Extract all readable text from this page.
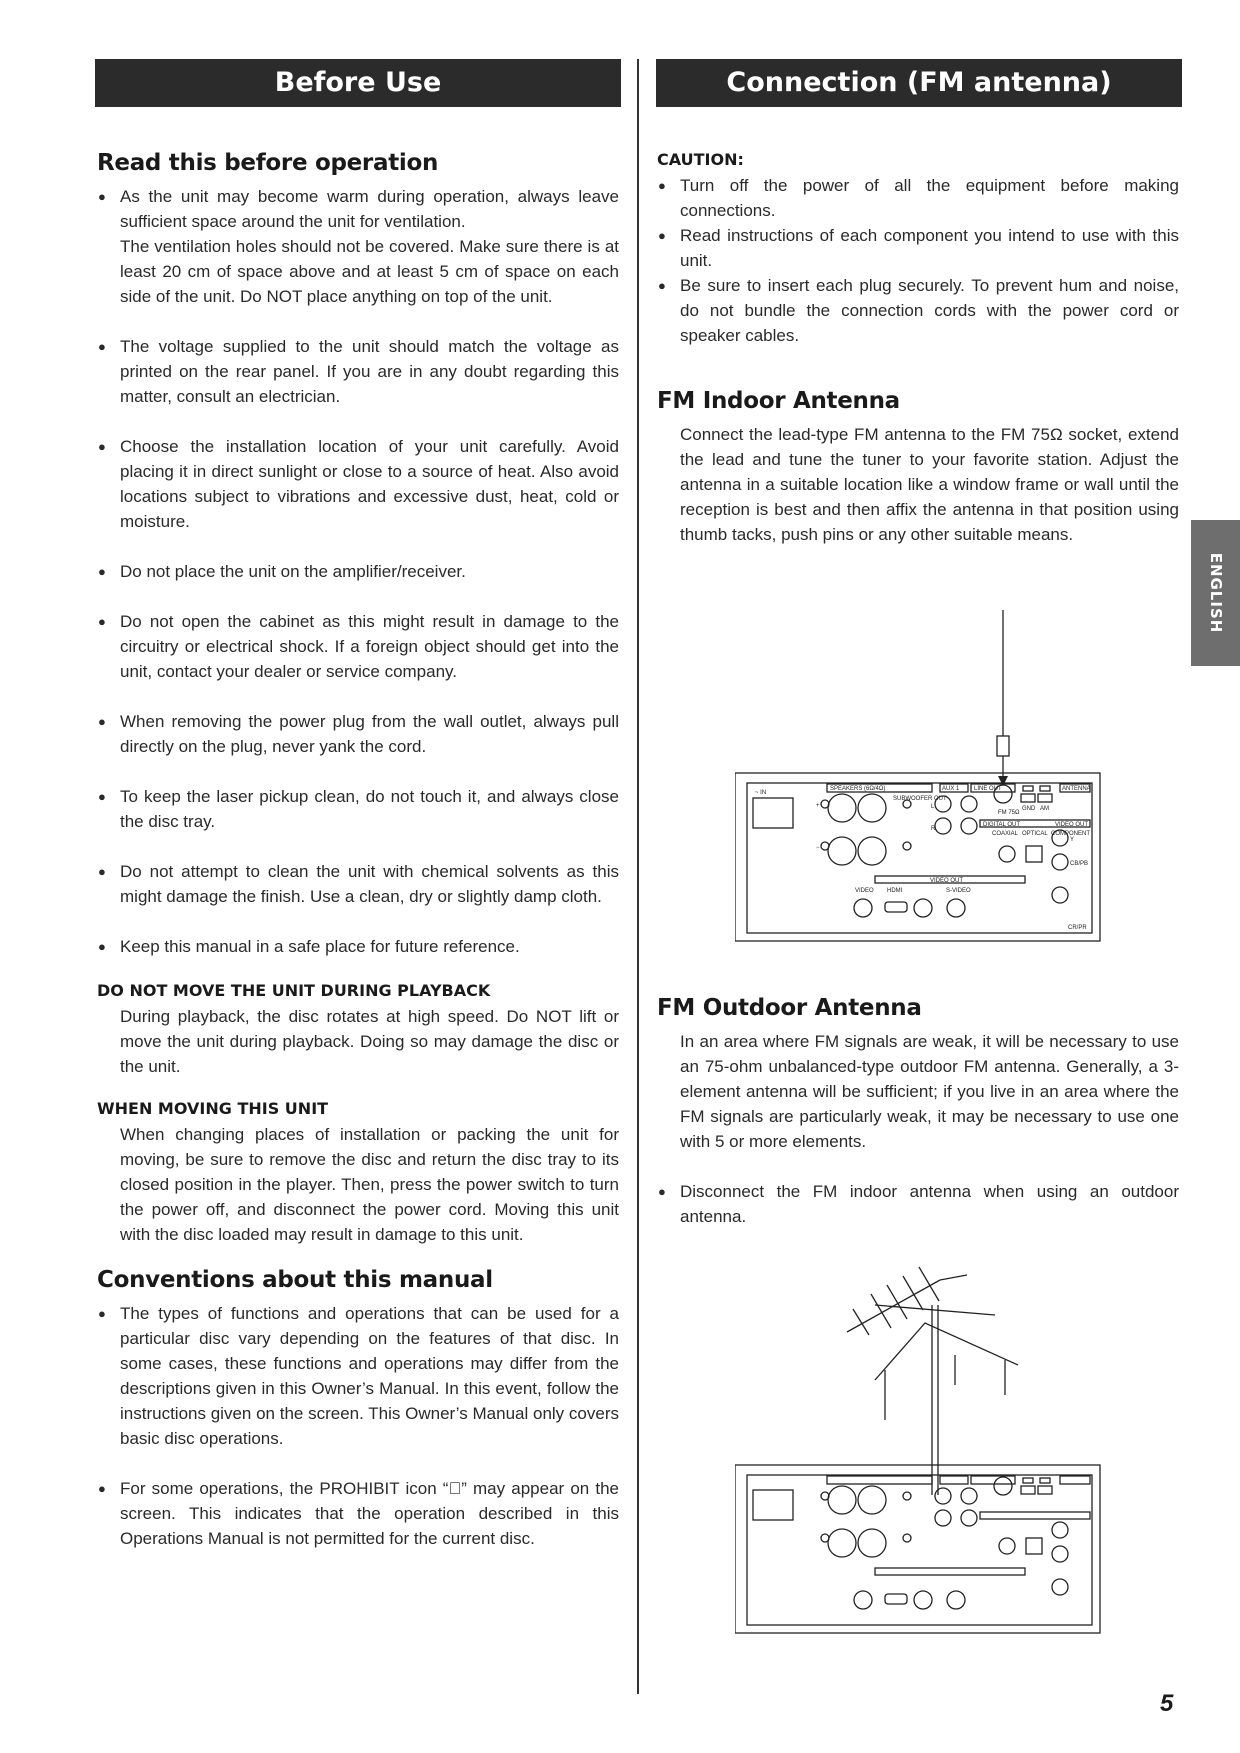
Before Use	Connection (FM antenna)
Read this before operation

● As the unit may become warm during operation, always leave sufficient space around the unit for ventilation.

The ventilation holes should not be covered. Make sure there is at least 20 cm of space above and at least 5 cm of space on each side of the unit. Do NOT place anything on top of the unit.

● The voltage supplied to the unit should match the voltage as printed on the rear panel. If you are in any doubt regarding this matter, consult an electrician.

● Choose the installation location of your unit carefully. Avoid placing it in direct sunlight or close to a source of heat. Also avoid locations subject to vibrations and excessive dust, heat, cold or moisture.

● Do not place the unit on the amplifier/receiver.

● Do not open the cabinet as this might result in damage to the circuitry or electrical shock. If a foreign object should get into the unit, contact your dealer or service company.

● When removing the power plug from the wall outlet, always pull directly on the plug, never yank the cord.

● To keep the laser pickup clean, do not touch it, and always close the disc tray.

● Do not attempt to clean the unit with chemical solvents as this might damage the finish. Use a clean, dry or slightly damp cloth.

● Keep this manual in a safe place for future reference.

DO NOT MOVE THE UNIT DURING PLAYBACK

During playback, the disc rotates at high speed. Do NOT lift or move the unit during playback. Doing so may damage the disc or the unit.

WHEN MOVING THIS UNIT

When changing places of installation or packing the unit for moving, be sure to remove the disc and return the disc tray to its closed position in the player. Then, press the power switch to turn the power off, and disconnect the power cord. Moving this unit with the disc loaded may result in damage to this unit.

Conventions about this manual

● The types of functions and operations that can be used for a particular disc vary depending on the features of that disc. In some cases, these functions and operations may differ from the descriptions given in this Owner’s Manual. In this event, follow the instructions given on the screen. This Owner’s Manual only covers basic disc operations.

● For some operations, the PROHIBIT icon “⃠” may appear on the screen. This indicates that the operation described in this Operations Manual is not permitted for the current disc.

CAUTION:

● Turn off the power of all the equipment before making connections.

● Read instructions of each component you intend to use with this unit.

● Be sure to insert each plug securely. To prevent hum and noise, do not bundle the connection cords with the power cord or speaker cables.

FM Indoor Antenna

Connect the lead-type FM antenna to the FM 75Ω socket, extend the lead and tune the tuner to your favorite station. Adjust the antenna in a suitable location like a window frame or wall until the reception is best and then affix the antenna in that position using thumb tacks, push pins or any other suitable means.

FM Outdoor Antenna

In an area where FM signals are weak, it will be necessary to use an 75-ohm unbalanced-type outdoor FM antenna. Generally, a 3-element antenna will be sufficient; if you live in an area where the FM signals are particularly weak, it may be necessary to use one with 5 or more elements.

● Disconnect the FM indoor antenna when using an outdoor antenna.

SPEAKERS (6Ω/4Ω)	AUX 1 LINE OUT	ANTENNA
~ IN
SUBWOOFER OUT
FM 75Ω
GND AM
DIGITAL OUT	VIDEO OUT
COAXIAL OPTICAL COMPONENT
Y
CB/PB
VIDEO OUT
VIDEO HDMI	S-VIDEO
CR/PR
+
−
L
R
ENGLISH
5
